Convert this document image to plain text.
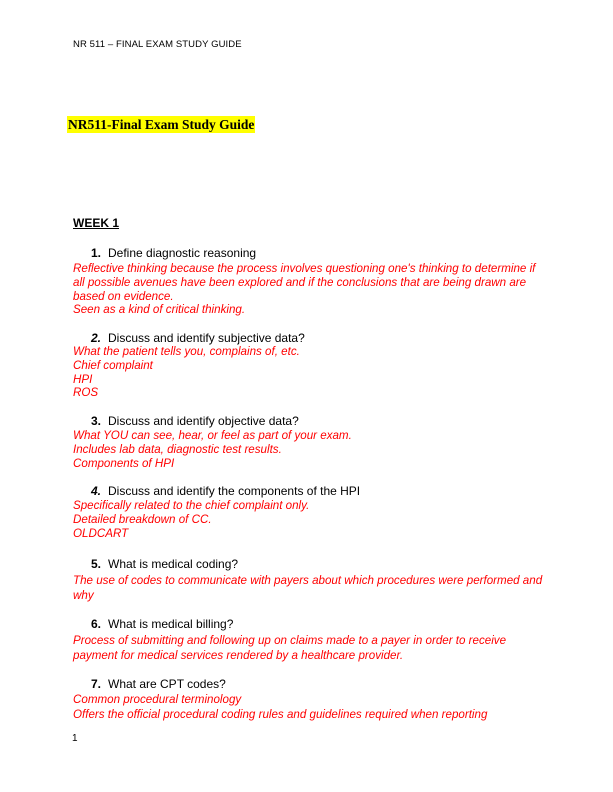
NR 511 – FINAL EXAM STUDY GUIDE
NR511-Final Exam Study Guide
WEEK 1
1. Define diagnostic reasoning
Reflective thinking because the process involves questioning one's thinking to determine if all possible avenues have been explored and if the conclusions that are being drawn are based on evidence.
Seen as a kind of critical thinking.
2. Discuss and identify subjective data?
What the patient tells you, complains of, etc.
Chief complaint
HPI
ROS
3. Discuss and identify objective data?
What YOU can see, hear, or feel as part of your exam.
Includes lab data, diagnostic test results.
Components of HPI
4. Discuss and identify the components of the HPI
Specifically related to the chief complaint only.
Detailed breakdown of CC.
OLDCART
5. What is medical coding?
The use of codes to communicate with payers about which procedures were performed and why
6. What is medical billing?
Process of submitting and following up on claims made to a payer in order to receive payment for medical services rendered by a healthcare provider.
7. What are CPT codes?
Common procedural terminology
Offers the official procedural coding rules and guidelines required when reporting
1
